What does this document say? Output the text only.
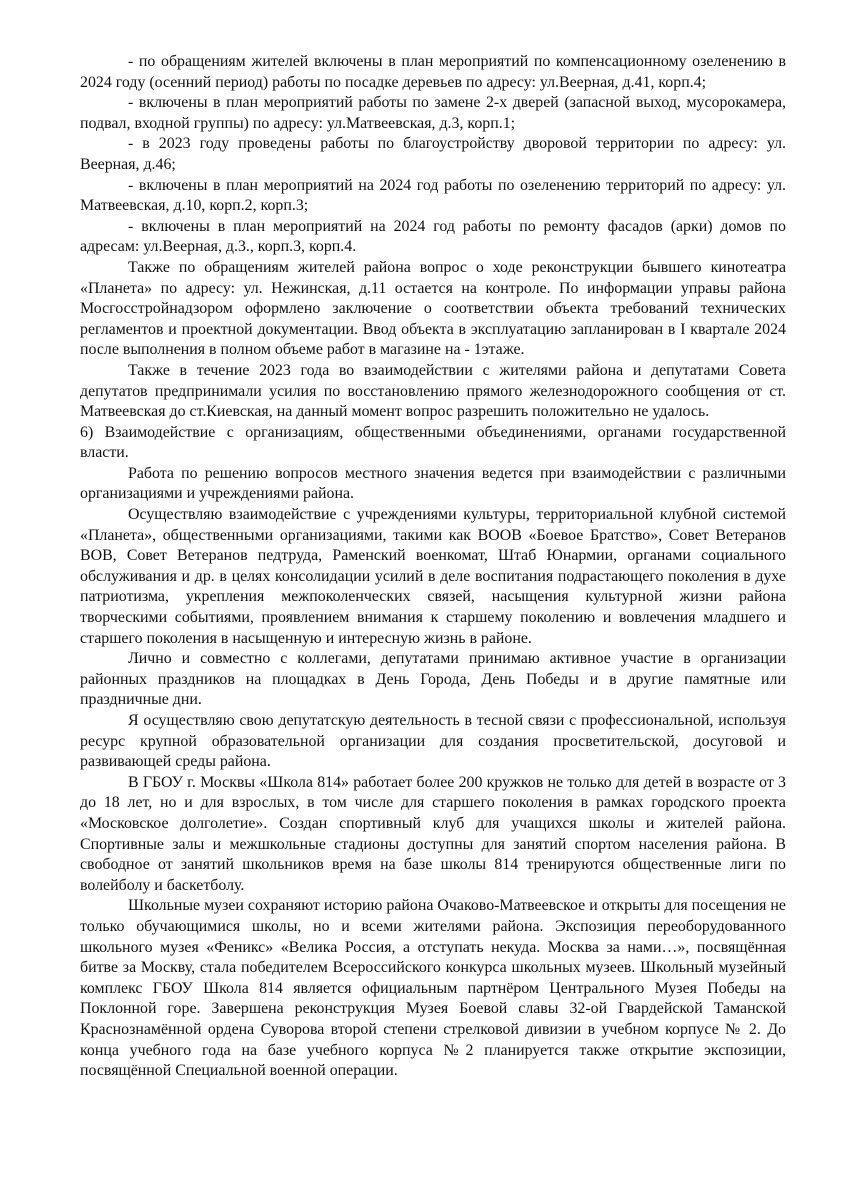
- по обращениям жителей включены в план мероприятий по компенсационному озеленению в 2024 году (осенний период) работы по посадке деревьев по адресу: ул.Веерная, д.41, корп.4;

- включены в план мероприятий работы по замене 2-х дверей (запасной выход, мусорокамера, подвал, входной группы) по адресу: ул.Матвеевская, д.3, корп.1;

- в 2023 году проведены работы по благоустройству дворовой территории по адресу: ул. Веерная, д.46;

- включены в план мероприятий на 2024 год работы по озеленению территорий по адресу: ул. Матвеевская, д.10, корп.2, корп.3;

- включены в план мероприятий на 2024 год работы по ремонту фасадов (арки) домов по адресам: ул.Веерная, д.3., корп.3, корп.4.

Также по обращениям жителей района вопрос о ходе реконструкции бывшего кинотеатра «Планета» по адресу: ул. Нежинская, д.11 остается на контроле. По информации управы района Мосгосстройнадзором оформлено заключение о соответствии объекта требований технических регламентов и проектной документации. Ввод объекта в эксплуатацию запланирован в I квартале 2024 после выполнения в полном объеме работ в магазине на - 1этаже.

Также в течение 2023 года во взаимодействии с жителями района и депутатами Совета депутатов предпринимали усилия по восстановлению прямого железнодорожного сообщения от ст. Матвеевская до ст.Киевская, на данный момент вопрос разрешить положительно не удалось.

6) Взаимодействие с организациям, общественными объединениями, органами государственной власти.

Работа по решению вопросов местного значения ведется при взаимодействии с различными организациями и учреждениями района.

Осуществляю взаимодействие с учреждениями культуры, территориальной клубной системой «Планета», общественными организациями, такими как ВООВ «Боевое Братство», Совет Ветеранов ВОВ, Совет Ветеранов педтруда, Раменский военкомат, Штаб Юнармии, органами социального обслуживания и др. в целях консолидации усилий в деле воспитания подрастающего поколения в духе патриотизма, укрепления межпоколенческих связей, насыщения культурной жизни района творческими событиями, проявлением внимания к старшему поколению и вовлечения младшего и старшего поколения в насыщенную и интересную жизнь в районе.

Лично и совместно с коллегами, депутатами принимаю активное участие в организации районных праздников на площадках в День Города, День Победы и в другие памятные или праздничные дни.

Я осуществляю свою депутатскую деятельность в тесной связи с профессиональной, используя ресурс крупной образовательной организации для создания просветительской, досуговой и развивающей среды района.

В ГБОУ г. Москвы «Школа 814» работает более 200 кружков не только для детей в возрасте от 3 до 18 лет, но и для взрослых, в том числе для старшего поколения в рамках городского проекта «Московское долголетие». Создан спортивный клуб для учащихся школы и жителей района. Спортивные залы и межшкольные стадионы доступны для занятий спортом населения района. В свободное от занятий школьников время на базе школы 814 тренируются общественные лиги по волейболу и баскетболу.

Школьные музеи сохраняют историю района Очаково-Матвеевское и открыты для посещения не только обучающимися школы, но и всеми жителями района. Экспозиция переоборудованного школьного музея «Феникс» «Велика Россия, а отступать некуда. Москва за нами…», посвящённая битве за Москву, стала победителем Всероссийского конкурса школьных музеев. Школьный музейный комплекс ГБОУ Школа 814 является официальным партнёром Центрального Музея Победы на Поклонной горе. Завершена реконструкция Музея Боевой славы 32-ой Гвардейской Таманской Краснознамённой ордена Суворова второй степени стрелковой дивизии в учебном корпусе № 2. До конца учебного года на базе учебного корпуса №2 планируется также открытие экспозиции, посвящённой Специальной военной операции.
